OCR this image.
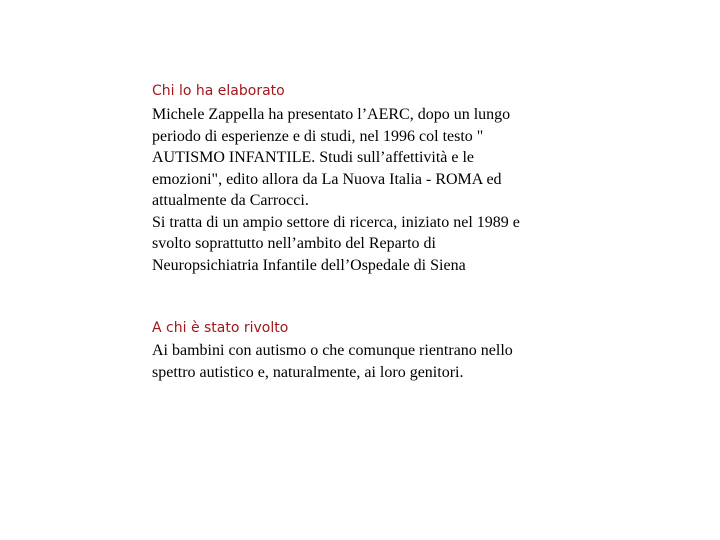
Chi lo ha elaborato
Michele Zappella ha presentato l’AERC, dopo un lungo
periodo di esperienze e di studi, nel 1996 col testo "
AUTISMO INFANTILE. Studi sull’affettività e le
emozioni", edito allora da La Nuova Italia - ROMA ed
attualmente da Carrocci.
Si tratta di un ampio settore di ricerca, iniziato nel 1989 e
svolto soprattutto nell’ambito del Reparto di
Neuropsichiatria Infantile dell’Ospedale di Siena
A chi è stato rivolto
Ai bambini con autismo o che comunque rientrano nello
spettro autistico e, naturalmente, ai loro genitori.
